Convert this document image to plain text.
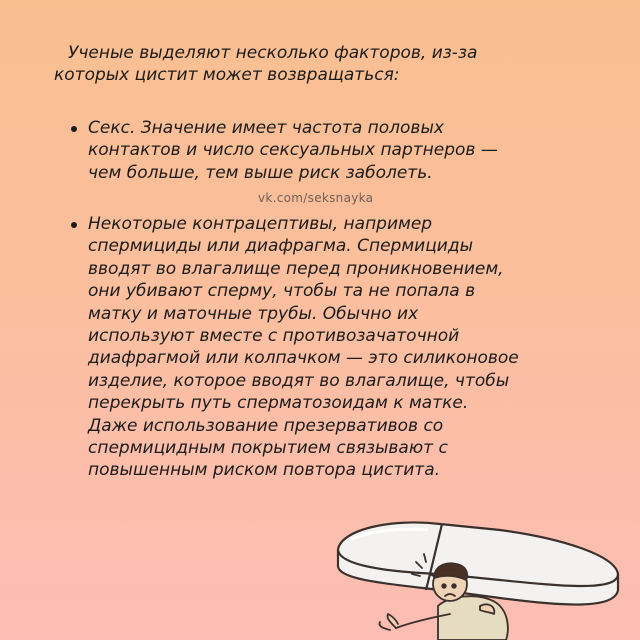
Ученые выделяют несколько факторов, из-за
которых цистит может возвращаться:

Секс. Значение имеет частота половых
контактов и число сексуальных партнеров —
чем больше, тем выше риск заболеть.

vk.com/seksnayka

Некоторые контрацептивы, например
спермициды или диафрагма. Спермициды
вводят во влагалище перед проникновением,
они убивают сперму, чтобы та не попала в
матку и маточные трубы. Обычно их
используют вместе с противозачаточной
диафрагмой или колпачком — это силиконовое
изделие, которое вводят во влагалище, чтобы
перекрыть путь сперматозоидам к матке.
Даже использование презервативов со
спермицидным покрытием связывают с
повышенным риском повтора цистита.
